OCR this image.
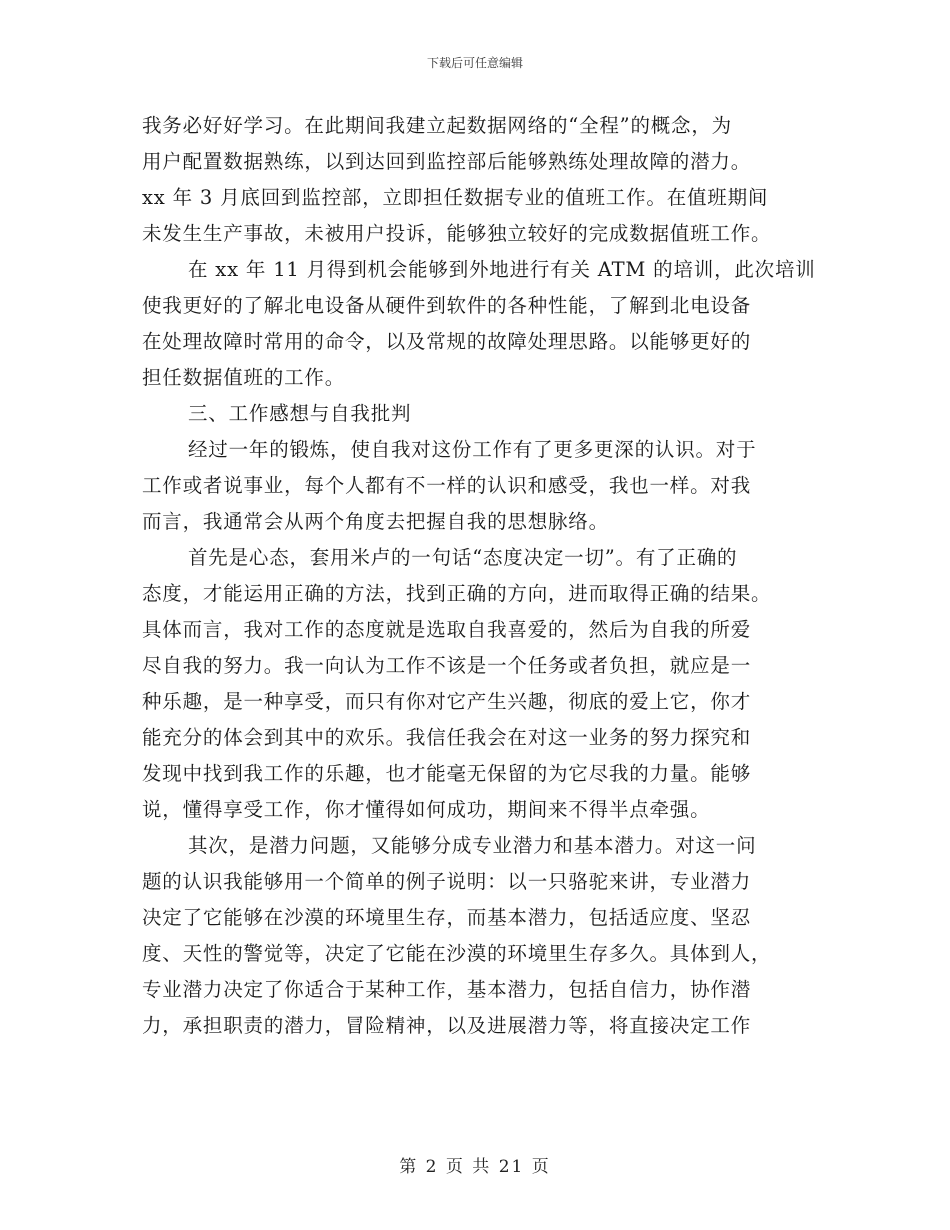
下载后可任意编辑
我务必好好学习。在此期间我建立起数据网络的“全程”的概念，为
用户配置数据熟练，以到达回到监控部后能够熟练处理故障的潜力。
xx 年 3 月底回到监控部，立即担任数据专业的值班工作。在值班期间
未发生生产事故，未被用户投诉，能够独立较好的完成数据值班工作。
在 xx 年 11 月得到机会能够到外地进行有关 ATM 的培训，此次培训
使我更好的了解北电设备从硬件到软件的各种性能，了解到北电设备
在处理故障时常用的命令，以及常规的故障处理思路。以能够更好的
担任数据值班的工作。
三、工作感想与自我批判
经过一年的锻炼，使自我对这份工作有了更多更深的认识。对于
工作或者说事业，每个人都有不一样的认识和感受，我也一样。对我
而言，我通常会从两个角度去把握自我的思想脉络。
首先是心态，套用米卢的一句话“态度决定一切”。有了正确的
态度，才能运用正确的方法，找到正确的方向，进而取得正确的结果。
具体而言，我对工作的态度就是选取自我喜爱的，然后为自我的所爱
尽自我的努力。我一向认为工作不该是一个任务或者负担，就应是一
种乐趣，是一种享受，而只有你对它产生兴趣，彻底的爱上它，你才
能充分的体会到其中的欢乐。我信任我会在对这一业务的努力探究和
发现中找到我工作的乐趣，也才能毫无保留的为它尽我的力量。能够
说，懂得享受工作，你才懂得如何成功，期间来不得半点牵强。
其次，是潜力问题，又能够分成专业潜力和基本潜力。对这一问
题的认识我能够用一个简单的例子说明：以一只骆驼来讲，专业潜力
决定了它能够在沙漠的环境里生存，而基本潜力，包括适应度、坚忍
度、天性的警觉等，决定了它能在沙漠的环境里生存多久。具体到人，
专业潜力决定了你适合于某种工作，基本潜力，包括自信力，协作潜
力，承担职责的潜力，冒险精神，以及进展潜力等，将直接决定工作
第 2 页 共 21 页
